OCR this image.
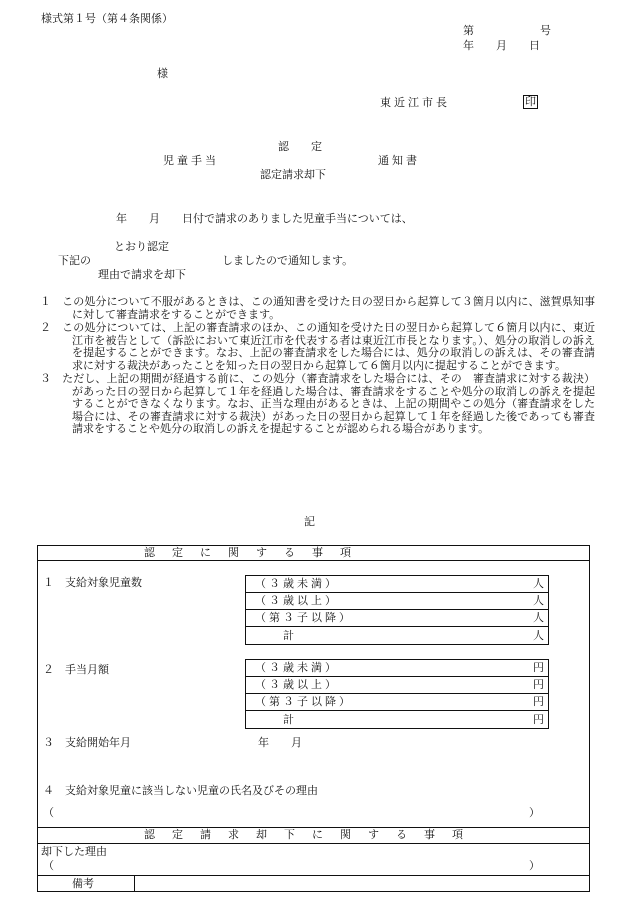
様式第１号（第４条関係）
第　　　　　　号
年　　月　　日
様
東近江市長	印
認　　定
児童手当
認定請求却下
通知書
年　　月　　日付で請求のありました児童手当については、
とおり認定
下記の	しましたので通知します。
理由で請求を却下
１ この処分について不服があるときは、この通知書を受けた日の翌日から起算して３箇月以内に、滋賀県知事に対して審査請求をすることができます。
２ この処分については、上記の審査請求のほか、この通知を受けた日の翌日から起算して６箇月以内に、東近江市を被告として（訴訟において東近江市を代表する者は東近江市長となります。）、処分の取消しの訴えを提起することができます。なお、上記の審査請求をした場合には、処分の取消しの訴えは、その審査請求に対する裁決があったことを知った日の翌日から起算して６箇月以内に提起することができます。
３ ただし、上記の期間が経過する前に、この処分（審査請求をした場合には、その　審査請求に対する裁決）があった日の翌日から起算して１年を経過した場合は、審査請求をすることや処分の取消しの訴えを提起することができなくなります。なお、正当な理由があるときは、上記の期間やこの処分（審査請求をした場合には、その審査請求に対する裁決）があった日の翌日から起算して１年を経過した後であっても審査請求をすることや処分の取消しの訴えを提起することが認められる場合があります。
記
認定に関する事項
１　支給対象児童数	（３歳未満）	人
（３歳以上）	人
（第３子以降）	人
計	人
２　手当月額	（３歳未満）	円
（３歳以上）	円
（第３子以降）	円
計	円
３　支給開始年月	年　　月
４　支給対象児童に該当しない児童の氏名及びその理由
（	）
認定請求却下に関する事項
却下した理由
（	）
備考
